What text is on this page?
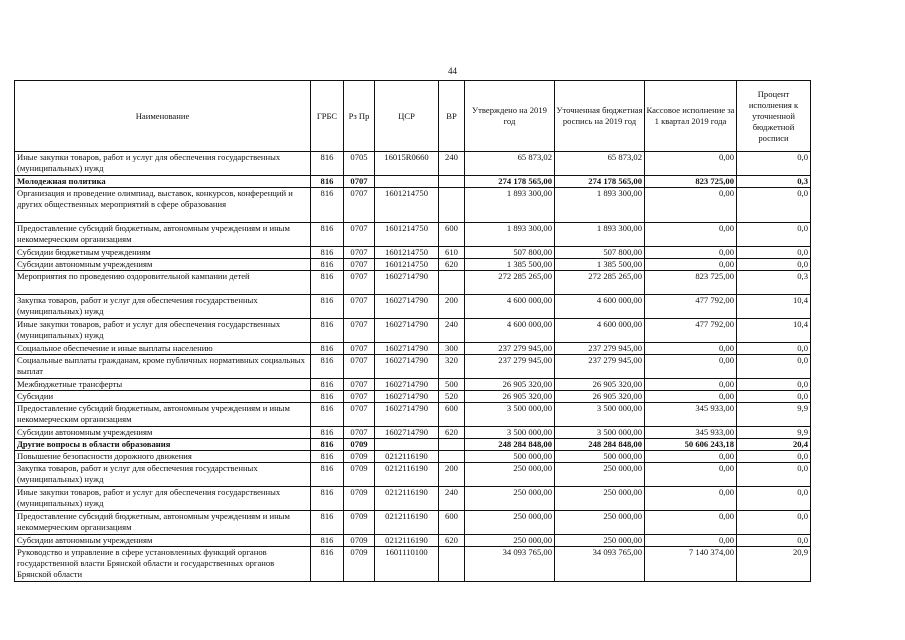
44
Наименование	ГРБС	Рз Пр	ЦСР	ВР	Утверждено на 2019 год	Уточненная бюджетная роспись на 2019 год	Кассовое исполнение за 1 квартал 2019 года	Процент исполнения к уточненной бюджетной росписи
Иные закупки товаров, работ и услуг для обеспечения государственных (муниципальных) нужд	816	0705	16015R0660	240	65 873,02	65 873,02	0,00	0,0
Молодежная политика	816	0707			274 178 565,00	274 178 565,00	823 725,00	0,3
Организация и проведение олимпиад, выставок, конкурсов, конференций и других общественных мероприятий в сфере образования	816	0707	1601214750		1 893 300,00	1 893 300,00	0,00	0,0
Предоставление субсидий бюджетным, автономным учреждениям и иным некоммерческим организациям	816	0707	1601214750	600	1 893 300,00	1 893 300,00	0,00	0,0
Субсидии бюджетным учреждениям	816	0707	1601214750	610	507 800,00	507 800,00	0,00	0,0
Субсидии автономным учреждениям	816	0707	1601214750	620	1 385 500,00	1 385 500,00	0,00	0,0
Мероприятия по проведению оздоровительной кампании детей	816	0707	1602714790		272 285 265,00	272 285 265,00	823 725,00	0,3
Закупка товаров, работ и услуг для обеспечения государственных (муниципальных) нужд	816	0707	1602714790	200	4 600 000,00	4 600 000,00	477 792,00	10,4
Иные закупки товаров, работ и услуг для обеспечения государственных (муниципальных) нужд	816	0707	1602714790	240	4 600 000,00	4 600 000,00	477 792,00	10,4
Социальное обеспечение и иные выплаты населению	816	0707	1602714790	300	237 279 945,00	237 279 945,00	0,00	0,0
Социальные выплаты гражданам, кроме публичных нормативных социальных выплат	816	0707	1602714790	320	237 279 945,00	237 279 945,00	0,00	0,0
Межбюджетные трансферты	816	0707	1602714790	500	26 905 320,00	26 905 320,00	0,00	0,0
Субсидии	816	0707	1602714790	520	26 905 320,00	26 905 320,00	0,00	0,0
Предоставление субсидий бюджетным, автономным учреждениям и иным некоммерческим организациям	816	0707	1602714790	600	3 500 000,00	3 500 000,00	345 933,00	9,9
Субсидии автономным учреждениям	816	0707	1602714790	620	3 500 000,00	3 500 000,00	345 933,00	9,9
Другие вопросы в области образования	816	0709			248 284 848,00	248 284 848,00	50 606 243,18	20,4
Повышение безопасности дорожного движения	816	0709	0212116190		500 000,00	500 000,00	0,00	0,0
Закупка товаров, работ и услуг для обеспечения государственных (муниципальных) нужд	816	0709	0212116190	200	250 000,00	250 000,00	0,00	0,0
Иные закупки товаров, работ и услуг для обеспечения государственных (муниципальных) нужд	816	0709	0212116190	240	250 000,00	250 000,00	0,00	0,0
Предоставление субсидий бюджетным, автономным учреждениям и иным некоммерческим организациям	816	0709	0212116190	600	250 000,00	250 000,00	0,00	0,0
Субсидии автономным учреждениям	816	0709	0212116190	620	250 000,00	250 000,00	0,00	0,0
Руководство и управление в сфере установленных функций органов государственной власти Брянской области и государственных органов Брянской области	816	0709	1601110100		34 093 765,00	34 093 765,00	7 140 374,00	20,9
